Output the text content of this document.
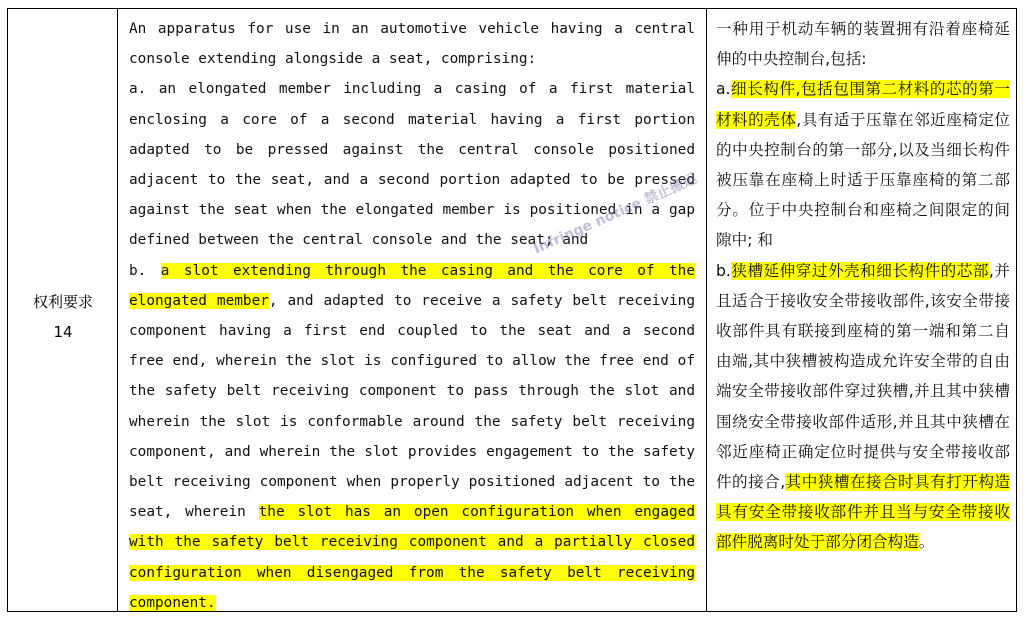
权利要求
14
An apparatus for use in an automotive vehicle having a central console extending alongside a seat, comprising:
a. an elongated member including a casing of a first material enclosing a core of a second material having a first portion adapted to be pressed against the central console positioned adjacent to the seat, and a second portion adapted to be pressed against the seat when the elongated member is positioned in a gap defined between the central console and the seat; and
b. a slot extending through the casing and the core of the elongated member, and adapted to receive a safety belt receiving component having a first end coupled to the seat and a second free end, wherein the slot is configured to allow the free end of the safety belt receiving component to pass through the slot and wherein the slot is conformable around the safety belt receiving component, and wherein the slot provides engagement to the safety belt receiving component when properly positioned adjacent to the seat, wherein the slot has an open configuration when engaged with the safety belt receiving component and a partially closed configuration when disengaged from the safety belt receiving component.
一种用于机动车辆的装置拥有沿着座椅延伸的中央控制台,包括:
a.细长构件,包括包围第二材料的芯的第一材料的壳体,具有适于压靠在邻近座椅定位的中央控制台的第一部分,以及当细长构件被压靠在座椅上时适于压靠座椅的第二部分。位于中央控制台和座椅之间限定的间隙中; 和
b.狭槽延伸穿过外壳和细长构件的芯部,并且适合于接收安全带接收部件,该安全带接收部件具有联接到座椅的第一端和第二自由端,其中狭槽被构造成允许安全带的自由端安全带接收部件穿过狭槽,并且其中狭槽围绕安全带接收部件适形,并且其中狭槽在邻近座椅正确定位时提供与安全带接收部件的接合,其中狭槽在接合时具有打开构造具有安全带接收部件并且当与安全带接收部件脱离时处于部分闭合构造。
Infringe notice 禁止搬运
